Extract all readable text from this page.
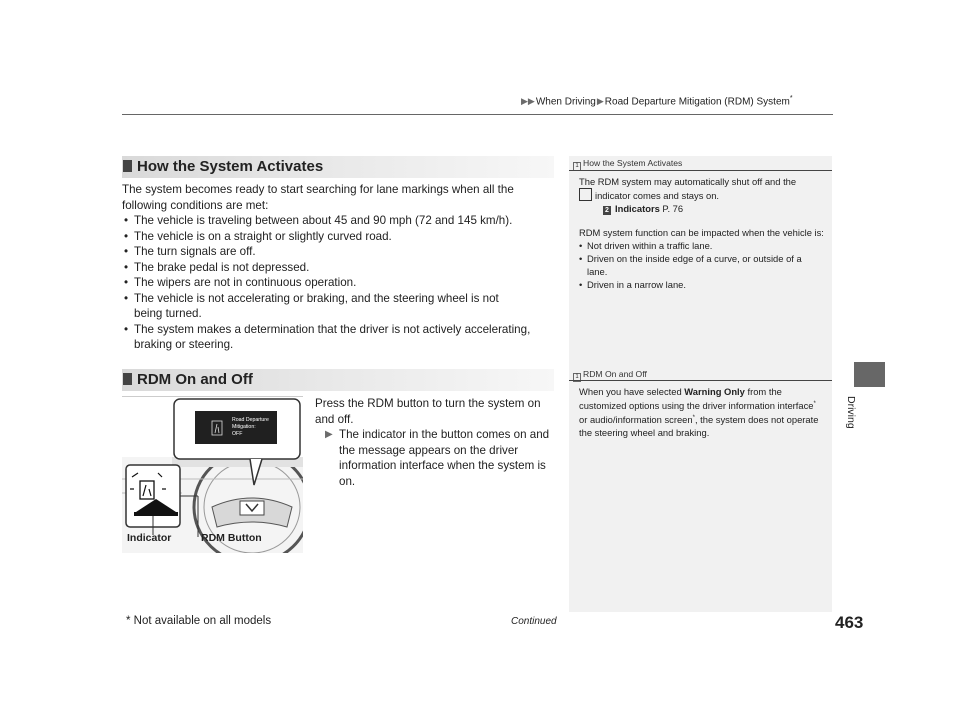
▶▶When Driving▶Road Departure Mitigation (RDM) System*
Driving
How the System Activates

The system becomes ready to start searching for lane markings when all the following conditions are met:

• The vehicle is traveling between about 45 and 90 mph (72 and 145 km/h).
• The vehicle is on a straight or slightly curved road.
• The turn signals are off.
• The brake pedal is not depressed.
• The wipers are not in continuous operation.
• The vehicle is not accelerating or braking, and the steering wheel is not being turned.
• The system makes a determination that the driver is not actively accelerating, braking or steering.
RDM On and Off
Road Departure
Mitigation:
OFF
Indicator	RDM Button

Press the RDM button to turn the system on and off.

▶ The indicator in the button comes on and the message appears on the driver information interface when the system is on.

1 How the System Activates

The RDM system may automatically shut off and the

indicator comes and stays on.

2 Indicators P. 76

RDM system function can be impacted when the vehicle is:

• Not driven within a traffic lane.
• Driven on the inside edge of a curve, or outside of a lane.
• Driven in a narrow lane.
1 RDM On and Off

When you have selected Warning Only from the customized options using the driver information interface* or audio/information screen*, the system does not operate the steering wheel and braking.

* Not available on all models	Continued	463
